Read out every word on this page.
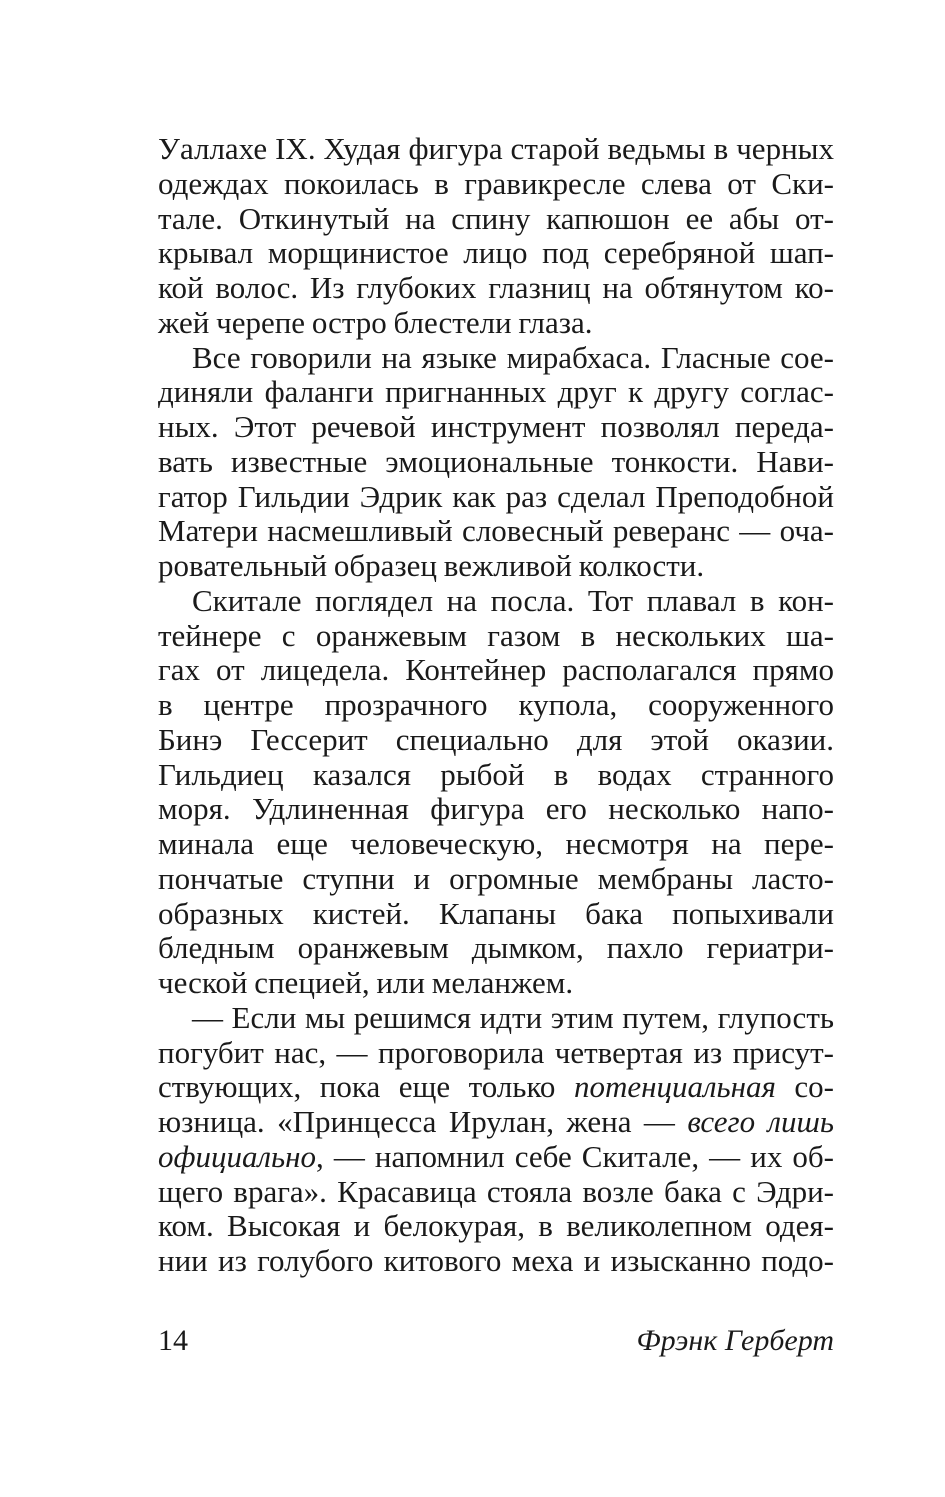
Уаллахе IX. Худая фигура старой ведьмы в черных
одеждах покоилась в гравикресле слева от Ски-
тале. Откинутый на спину капюшон ее абы от-
крывал морщинистое лицо под серебряной шап-
кой волос. Из глубоких глазниц на обтянутом ко-
жей черепе остро блестели глаза.
Все говорили на языке мирабхаса. Гласные сое-
диняли фаланги пригнанных друг к другу соглас-
ных. Этот речевой инструмент позволял переда-
вать известные эмоциональные тонкости. Нави-
гатор Гильдии Эдрик как раз сделал Преподобной
Матери насмешливый словесный реверанс — оча-
ровательный образец вежливой колкости.
Скитале поглядел на посла. Тот плавал в кон-
тейнере с оранжевым газом в нескольких ша-
гах от лицедела. Контейнер располагался прямо
в центре прозрачного купола, сооруженного
Бинэ Гессерит специально для этой оказии.
Гильдиец казался рыбой в водах странного
моря. Удлиненная фигура его несколько напо-
минала еще человеческую, несмотря на пере-
пончатые ступни и огромные мембраны ласто-
образных кистей. Клапаны бака попыхивали
бледным оранжевым дымком, пахло гериатри-
ческой специей, или меланжем.
— Если мы решимся идти этим путем, глупость
погубит нас, — проговорила четвертая из присут-
ствующих, пока еще только потенциальная со-
юзница. «Принцесса Ирулан, жена — всего лишь
официально, — напомнил себе Скитале, — их об-
щего врага». Красавица стояла возле бака с Эдри-
ком. Высокая и белокурая, в великолепном одея-
нии из голубого китового меха и изысканно подо-
14	Фрэнк Герберт
